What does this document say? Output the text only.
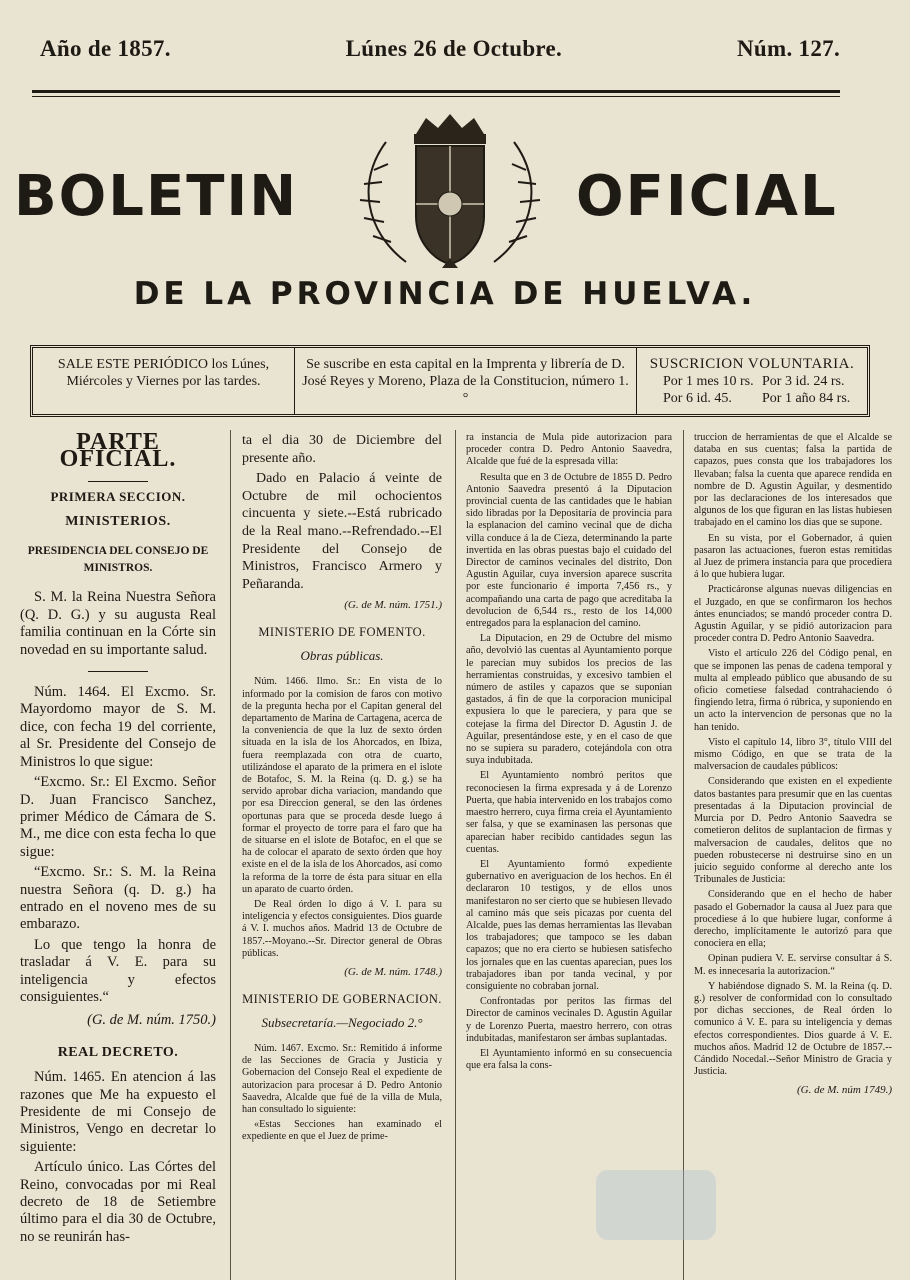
Año de 1857.	Lúnes 26 de Octubre.	Núm. 127.
BOLETIN	OFICIAL
DE LA PROVINCIA DE HUELVA.
SALE ESTE PERIÓDICO los Lúnes, Miércoles y Viernes por las tardes.
Se suscribe en esta capital en la Imprenta y librería de D. José Reyes y Moreno, Plaza de la Constitucion, número 1.°
SUSCRICION VOLUNTARIA.
Por 1 mes 10 rs. Por 3 id. 24 rs.
Por 6 id. 45.	Por 1 año 84 rs.
PARTE OFICIAL.
PRIMERA SECCION.
MINISTERIOS.
PRESIDENCIA DEL CONSEJO DE MINISTROS.

S. M. la Reina Nuestra Señora (Q. D. G.) y su augusta Real familia continuan en la Córte sin novedad en su importante salud.

Núm. 1464. El Excmo. Sr. Mayordomo mayor de S. M. dice, con fecha 19 del corriente, al Sr. Presidente del Consejo de Ministros lo que sigue:

“Excmo. Sr.: El Excmo. Señor D. Juan Francisco Sanchez, primer Médico de Cámara de S. M., me dice con esta fecha lo que sigue:

“Excmo. Sr.: S. M. la Reina nuestra Señora (q. D. g.) ha entrado en el noveno mes de su embarazo.

Lo que tengo la honra de trasladar á V. E. para su inteligencia y efectos consiguientes.“

(G. de M. núm. 1750.)
REAL DECRETO.

Núm. 1465. En atencion á las razones que Me ha expuesto el Presidente de mi Consejo de Ministros, Vengo en decretar lo siguiente:

Artículo único. Las Córtes del Reino, convocadas por mi Real decreto de 18 de Setiembre último para el dia 30 de Octubre, no se reunirán has-

ta el dia 30 de Diciembre del presente año.

Dado en Palacio á veinte de Octubre de mil ochocientos cincuenta y siete.--Está rubricado de la Real mano.--Refrendado.--El Presidente del Consejo de Ministros, Francisco Armero y Peñaranda.

(G. de M. núm. 1751.)
MINISTERIO DE FOMENTO.
Obras públicas.

Núm. 1466. Ilmo. Sr.: En vista de lo informado por la comision de faros con motivo de la pregunta hecha por el Capitan general del departamento de Marina de Cartagena, acerca de la conveniencia de que la luz de sexto órden situada en la isla de los Ahorcados, en Ibiza, fuera reemplazada con otra de cuarto, utilizándose el aparato de la primera en el islote de Botafoc, S. M. la Reina (q. D. g.) se ha servido aprobar dicha variacion, mandando que por esa Direccion general, se den las órdenes oportunas para que se proceda desde luego á formar el proyecto de torre para el faro que ha de situarse en el islote de Botafoc, en el que se ha de colocar el aparato de sexto órden que hoy existe en el de la isla de los Ahorcados, así como la reforma de la torre de ésta para situar en ella un aparato de cuarto órden.

De Real órden lo digo á V. I. para su inteligencia y efectos consiguientes. Dios guarde á V. I. muchos años. Madrid 13 de Octubre de 1857.--Moyano.--Sr. Director general de Obras públicas.

(G. de M. núm. 1748.)
MINISTERIO DE GOBERNACION.
Subsecretaría.—Negociado 2.°

Núm. 1467. Excmo. Sr.: Remitido á informe de las Secciones de Gracia y Justicia y Gobernacion del Consejo Real el expediente de autorizacion para procesar á D. Pedro Antonio Saavedra, Alcalde que fué de la villa de Mula, han consultado lo siguiente:

«Estas Secciones han examinado el expediente en que el Juez de prime-

ra instancia de Mula pide autorizacion para proceder contra D. Pedro Antonio Saavedra, Alcalde que fué de la espresada villa:

Resulta que en 3 de Octubre de 1855 D. Pedro Antonio Saavedra presentó á la Diputacion provincial cuenta de las cantidades que le habian sido libradas por la Depositaría de provincia para la esplanacion del camino vecinal que de dicha villa conduce á la de Cieza, determinando la parte invertida en las obras puestas bajo el cuidado del Director de caminos vecinales del distrito, Don Agustin Aguilar, cuya inversion aparece suscrita por este funcionario é importa 7,456 rs., y acompañando una carta de pago que acreditaba la devolucion de 6,544 rs., resto de los 14,000 entregados para la esplanacion del camino.

La Diputacion, en 29 de Octubre del mismo año, devolvió las cuentas al Ayuntamiento porque le parecian muy subidos los precios de las herramientas construidas, y excesivo tambien el número de astiles y capazos que se suponian gastados, á fin de que la corporacion municipal expusiera lo que le pareciera, y para que se cotejase la firma del Director D. Agustin J. de Aguilar, presentándose este, y en el caso de que no se supiera su paradero, cotejándola con otra suya indubitada.

El Ayuntamiento nombró peritos que reconociesen la firma expresada y á de Lorenzo Puerta, que habia intervenido en los trabajos como maestro herrero, cuya firma creia el Ayuntamiento ser falsa, y que se examinasen las personas que aparecian haber recibido cantidades segun las cuentas.

El Ayuntamiento formó expediente gubernativo en averiguacion de los hechos. En él declararon 10 testigos, y de ellos unos manifestaron no ser cierto que se hubiesen llevado al camino más que seis picazas por cuenta del Alcalde, pues las demas herramientas las llevaban los trabajadores; que tampoco se les daban capazos; que no era cierto se hubiesen satisfecho los jornales que en las cuentas aparecian, pues los trabajadores iban por tanda vecinal, y por consiguiente no cobraban jornal.

Confrontadas por peritos las firmas del Director de caminos vecinales D. Agustin Aguilar y de Lorenzo Puerta, maestro herrero, con otras indubitadas, manifestaron ser ámbas suplantadas.

El Ayuntamiento informó en su consecuencia que era falsa la cons-

truccion de herramientas de que el Alcalde se databa en sus cuentas; falsa la partida de capazos, pues consta que los trabajadores los llevaban; falsa la cuenta que aparece rendida en nombre de D. Agustin Aguilar, y desmentido por las declaraciones de los interesados que algunos de los que figuran en las listas hubiesen trabajado en el camino los dias que se supone.

En su vista, por el Gobernador, á quien pasaron las actuaciones, fueron estas remitidas al Juez de primera instancia para que procediera á lo que hubiera lugar.

Practicáronse algunas nuevas diligencias en el Juzgado, en que se confirmaron los hechos ántes enunciados; se mandó proceder contra D. Agustin Aguilar, y se pidió autorizacion para proceder contra D. Pedro Antonio Saavedra.

Visto el artículo 226 del Código penal, en que se imponen las penas de cadena temporal y multa al empleado público que abusando de su oficio cometiese falsedad contrahaciendo ó fingiendo letra, firma ó rúbrica, y suponiendo en un acto la intervencion de personas que no la han tenido.

Visto el capítulo 14, libro 3°, título VIII del mismo Código, en que se trata de la malversacion de caudales públicos:

Considerando que existen en el expediente datos bastantes para presumir que en las cuentas presentadas á la Diputacion provincial de Murcia por D. Pedro Antonio Saavedra se cometieron delitos de suplantacion de firmas y malversacion de caudales, delitos que no pueden robustecerse ni destruirse sino en un juicio seguido conforme al derecho ante los Tribunales de Justicia:

Considerando que en el hecho de haber pasado el Gobernador la causa al Juez para que procediese á lo que hubiere lugar, conforme á derecho, implícitamente le autorizó para que conociera en ella;

Opinan pudiera V. E. servirse consultar á S. M. es innecesaria la autorizacion.“

Y habiéndose dignado S. M. la Reina (q. D. g.) resolver de conformidad con lo consultado por dichas secciones, de Real órden lo comunico á V. E. para su inteligencia y demas efectos correspondientes. Dios guarde á V. E. muchos años. Madrid 12 de Octubre de 1857.--Cándido Nocedal.--Señor Ministro de Gracia y Justicia.

(G. de M. núm 1749.)
